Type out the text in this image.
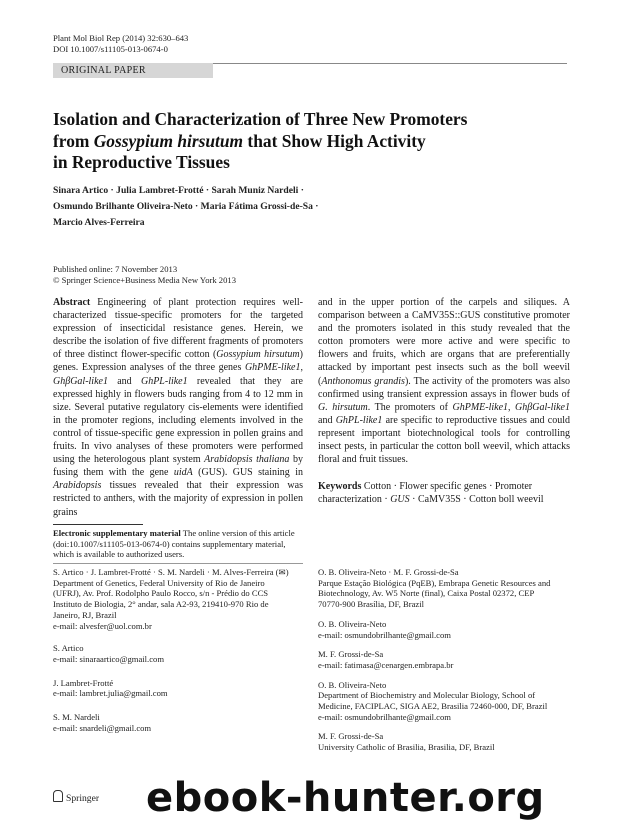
Plant Mol Biol Rep (2014) 32:630–643
DOI 10.1007/s11105-013-0674-0
ORIGINAL PAPER
Isolation and Characterization of Three New Promoters
from Gossypium hirsutum that Show High Activity
in Reproductive Tissues
Sinara Artico · Julia Lambret-Frotté · Sarah Muniz Nardeli ·
Osmundo Brilhante Oliveira-Neto · Maria Fátima Grossi-de-Sa ·
Marcio Alves-Ferreira
Published online: 7 November 2013
© Springer Science+Business Media New York 2013

Abstract Engineering of plant protection requires well-characterized tissue-specific promoters for the targeted expression of insecticidal resistance genes. Herein, we describe the isolation of five different fragments of promoters of three distinct flower-specific cotton (Gossypium hirsutum) genes. Expression analyses of the three genes GhPME-like1, GhβGal-like1 and GhPL-like1 revealed that they are expressed highly in flowers buds ranging from 4 to 12 mm in size. Several putative regulatory cis-elements were identified in the promoter regions, including elements involved in the control of tissue-specific gene expression in pollen grains and fruits. In vivo analyses of these promoters were performed using the heterologous plant system Arabidopsis thaliana by fusing them with the gene uidA (GUS). GUS staining in Arabidopsis tissues revealed that their expression was restricted to anthers, with the majority of expression in pollen grains

and in the upper portion of the carpels and siliques. A comparison between a CaMV35S::GUS constitutive promoter and the promoters isolated in this study revealed that the cotton promoters were more active and were specific to flowers and fruits, which are organs that are preferentially attacked by important pest insects such as the boll weevil (Anthonomus grandis). The activity of the promoters was also confirmed using transient expression assays in flower buds of G. hirsutum. The promoters of GhPME-like1, GhβGal-like1 and GhPL-like1 are specific to reproductive tissues and could represent important biotechnological tools for controlling insect pests, in particular the cotton boll weevil, which attacks floral and fruit tissues.

Keywords Cotton · Flower specific genes · Promoter characterization · GUS · CaMV35S · Cotton boll weevil
Electronic supplementary material The online version of this article (doi:10.1007/s11105-013-0674-0) contains supplementary material, which is available to authorized users.
S. Artico · J. Lambret-Frotté · S. M. Nardeli · M. Alves-Ferreira (✉)
Department of Genetics, Federal University of Rio de Janeiro
(UFRJ), Av. Prof. Rodolpho Paulo Rocco, s/n - Prédio do CCS
Instituto de Biologia, 2° andar, sala A2-93, 219410-970 Rio de
Janeiro, RJ, Brazil
e-mail: alvesfer@uol.com.br
S. Artico
e-mail: sinaraartico@gmail.com
J. Lambret-Frotté
e-mail: lambret.julia@gmail.com
S. M. Nardeli
e-mail: snardeli@gmail.com
O. B. Oliveira-Neto · M. F. Grossi-de-Sa
Parque Estação Biológica (PqEB), Embrapa Genetic Resources and
Biotechnology, Av. W5 Norte (final), Caixa Postal 02372, CEP
70770-900 Brasília, DF, Brazil
O. B. Oliveira-Neto
e-mail: osmundobrilhante@gmail.com
M. F. Grossi-de-Sa
e-mail: fatimasa@cenargen.embrapa.br
O. B. Oliveira-Neto
Department of Biochemistry and Molecular Biology, School of
Medicine, FACIPLAC, SIGA AE2, Brasilia 72460-000, DF, Brazil
e-mail: osmundobrilhante@gmail.com
M. F. Grossi-de-Sa
University Catholic of Brasilia, Brasilia, DF, Brazil
Springer ebook-hunter.org
